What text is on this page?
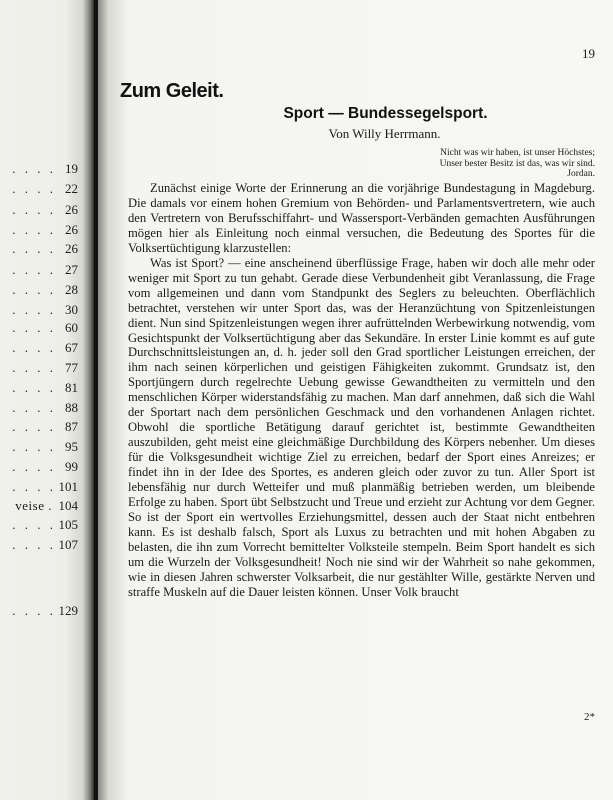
. . . . 19
. . . . 22
. . . . 26
. . . . 26
. . . . 26
. . . . 27
. . . . 28
. . . . 30
. . . . 60
. . . . 67
. . . . 77
. . . . 81
. . . . 88
. . . . 87
. . . . 95
. . . . 99
. . . . 101
veise . 104
. . . . 105
. . . . 107
. . . . 129
19
Zum Geleit.
Sport — Bundessegelsport.
Von Willy Herrmann.
Nicht was wir haben, ist unser Höchstes;
Unser bester Besitz ist das, was wir sind.
Jordan.

Zunächst einige Worte der Erinnerung an die vorjährige Bundestagung in Magdeburg. Die damals vor einem hohen Gremium von Behörden- und Parlamentsvertretern, wie auch den Vertretern von Berufsschiffahrt- und Wassersport-Verbänden gemachten Ausführungen mögen hier als Einleitung noch einmal versuchen, die Bedeutung des Sportes für die Volksertüchtigung klarzustellen:

Was ist Sport? — eine anscheinend überflüssige Frage, haben wir doch alle mehr oder weniger mit Sport zu tun gehabt. Gerade diese Verbundenheit gibt Veranlassung, die Frage vom allgemeinen und dann vom Standpunkt des Seglers zu beleuchten. Oberflächlich betrachtet, verstehen wir unter Sport das, was der Heranzüchtung von Spitzenleistungen dient. Nun sind Spitzenleistungen wegen ihrer aufrüttelnden Werbewirkung notwendig, vom Gesichtspunkt der Volksertüchtigung aber das Sekundäre. In erster Linie kommt es auf gute Durchschnittsleistungen an, d. h. jeder soll den Grad sportlicher Leistungen erreichen, der ihm nach seinen körperlichen und geistigen Fähigkeiten zukommt. Grundsatz ist, den Sportjüngern durch regelrechte Uebung gewisse Gewandtheiten zu vermitteln und den menschlichen Körper widerstandsfähig zu machen. Man darf annehmen, daß sich die Wahl der Sportart nach dem persönlichen Geschmack und den vorhandenen Anlagen richtet. Obwohl die sportliche Betätigung darauf gerichtet ist, bestimmte Gewandtheiten auszubilden, geht meist eine gleichmäßige Durchbildung des Körpers nebenher. Um dieses für die Volksgesundheit wichtige Ziel zu erreichen, bedarf der Sport eines Anreizes; er findet ihn in der Idee des Sportes, es anderen gleich oder zuvor zu tun. Aller Sport ist lebensfähig nur durch Wetteifer und muß planmäßig betrieben werden, um bleibende Erfolge zu haben. Sport übt Selbstzucht und Treue und erzieht zur Achtung vor dem Gegner. So ist der Sport ein wertvolles Erziehungsmittel, dessen auch der Staat nicht entbehren kann. Es ist deshalb falsch, Sport als Luxus zu betrachten und mit hohen Abgaben zu belasten, die ihn zum Vorrecht bemittelter Volksteile stempeln. Beim Sport handelt es sich um die Wurzeln der Volksgesundheit! Noch nie sind wir der Wahrheit so nahe gekommen, wie in diesen Jahren schwerster Volksarbeit, die nur gestählter Wille, gestärkte Nerven und straffe Muskeln auf die Dauer leisten können. Unser Volk braucht

2*
